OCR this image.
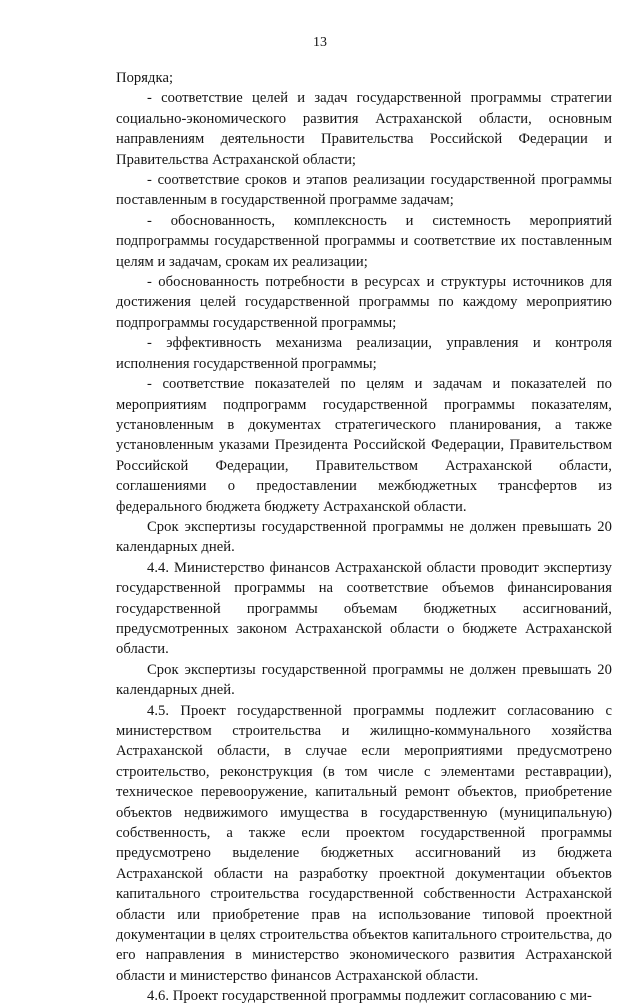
13

Порядка;

- соответствие целей и задач государственной программы стратегии социально-экономического развития Астраханской области, основным направлениям деятельности Правительства Российской Федерации и Правительства Астраханской области;

- соответствие сроков и этапов реализации государственной программы поставленным в государственной программе задачам;

- обоснованность, комплексность и системность мероприятий подпрограммы государственной программы и соответствие их поставленным целям и задачам, срокам их реализации;

- обоснованность потребности в ресурсах и структуры источников для достижения целей государственной программы по каждому мероприятию подпрограммы государственной программы;

- эффективность механизма реализации, управления и контроля исполнения государственной программы;

- соответствие показателей по целям и задачам и показателей по мероприятиям подпрограмм государственной программы показателям, установленным в документах стратегического планирования, а также установленным указами Президента Российской Федерации, Правительством Российской Федерации, Правительством Астраханской области, соглашениями о предоставлении межбюджетных трансфертов из федерального бюджета бюджету Астраханской области.

Срок экспертизы государственной программы не должен превышать 20 календарных дней.

4.4. Министерство финансов Астраханской области проводит экспертизу государственной программы на соответствие объемов финансирования государственной программы объемам бюджетных ассигнований, предусмотренных законом Астраханской области о бюджете Астраханской области.

Срок экспертизы государственной программы не должен превышать 20 календарных дней.

4.5. Проект государственной программы подлежит согласованию с министерством строительства и жилищно-коммунального хозяйства Астраханской области, в случае если мероприятиями предусмотрено строительство, реконструкция (в том числе с элементами реставрации), техническое перевооружение, капитальный ремонт объектов, приобретение объектов недвижимого имущества в государственную (муниципальную) собственность, а также если проектом государственной программы предусмотрено выделение бюджетных ассигнований из бюджета Астраханской области на разработку проектной документации объектов капитального строительства государственной собственности Астраханской области или приобретение прав на использование типовой проектной документации в целях строительства объектов капитального строительства, до его направления в министерство экономического развития Астраханской области и министерство финансов Астраханской области.

4.6. Проект государственной программы подлежит согласованию с ми-
